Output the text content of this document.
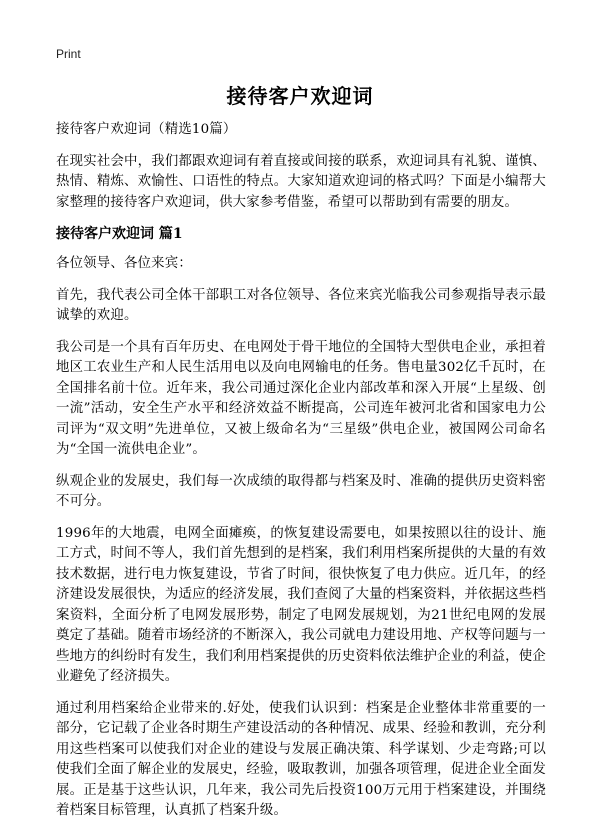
Print
接待客户欢迎词

接待客户欢迎词（精选10篇）

在现实社会中，我们都跟欢迎词有着直接或间接的联系，欢迎词具有礼貌、谨慎、热情、精炼、欢愉性、口语性的特点。大家知道欢迎词的格式吗？下面是小编帮大家整理的接待客户欢迎词，供大家参考借鉴，希望可以帮助到有需要的朋友。

接待客户欢迎词 篇1

各位领导、各位来宾：

首先，我代表公司全体干部职工对各位领导、各位来宾光临我公司参观指导表示最诚挚的欢迎。

我公司是一个具有百年历史、在电网处于骨干地位的全国特大型供电企业，承担着地区工农业生产和人民生活用电以及向电网输电的任务。售电量302亿千瓦时，在全国排名前十位。近年来，我公司通过深化企业内部改革和深入开展“上星级、创一流”活动，安全生产水平和经济效益不断提高，公司连年被河北省和国家电力公司评为“双文明”先进单位，又被上级命名为“三星级”供电企业，被国网公司命名为“全国一流供电企业”。

纵观企业的发展史，我们每一次成绩的取得都与档案及时、准确的提供历史资料密不可分。

1996年的大地震，电网全面瘫痪，的恢复建设需要电，如果按照以往的设计、施工方式，时间不等人，我们首先想到的是档案，我们利用档案所提供的大量的有效技术数据，进行电力恢复建设，节省了时间，很快恢复了电力供应。近几年，的经济建设发展很快，为适应的经济发展，我们查阅了大量的档案资料，并依据这些档案资料，全面分析了电网发展形势，制定了电网发展规划，为21世纪电网的发展奠定了基础。随着市场经济的不断深入，我公司就电力建设用地、产权等问题与一些地方的纠纷时有发生，我们利用档案提供的历史资料依法维护企业的利益，使企业避免了经济损失。

通过利用档案给企业带来的.好处，使我们认识到：档案是企业整体非常重要的一部分，它记载了企业各时期生产建设活动的各种情况、成果、经验和教训，充分利用这些档案可以使我们对企业的建设与发展正确决策、科学谋划、少走弯路;可以使我们全面了解企业的发展史，经验，吸取教训，加强各项管理，促进企业全面发展。正是基于这些认识，几年来，我公司先后投资100万元用于档案建设，并围绕着档案目标管理，认真抓了档案升级。
